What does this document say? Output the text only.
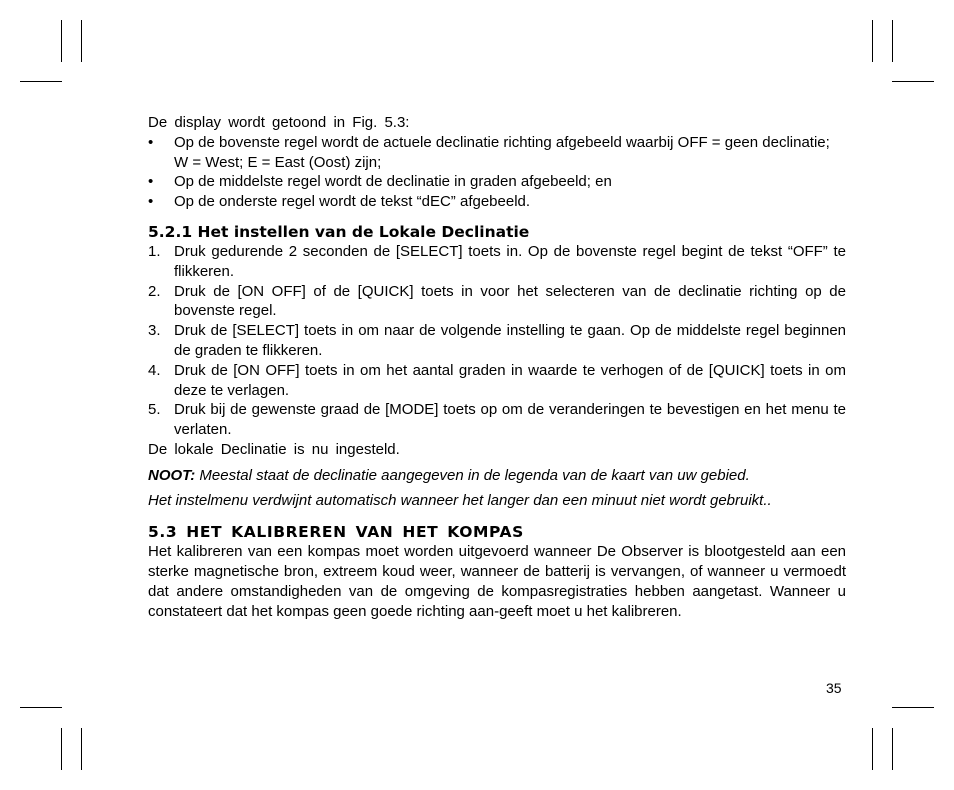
De display wordt getoond in Fig. 5.3:

• Op de bovenste regel wordt de actuele declinatie richting afgebeeld waarbij OFF = geen declinatie; W = West; E = East (Oost) zijn;
• Op de middelste regel wordt de declinatie in graden afgebeeld; en
• Op de onderste regel wordt de tekst “dEC” afgebeeld.
5.2.1 Het instellen van de Lokale Declinatie
1. Druk gedurende 2 seconden de [SELECT] toets in. Op de bovenste regel begint de tekst “OFF” te flikkeren.
2. Druk de [ON OFF] of de [QUICK] toets in voor het selecteren van de declinatie richting op de bovenste regel.
3. Druk de [SELECT] toets in om naar de volgende instelling te gaan. Op de middelste regel beginnen de graden te flikkeren.
4. Druk de [ON OFF] toets in om het aantal graden in waarde te verhogen of de [QUICK] toets in om deze te verlagen.
5. Druk bij de gewenste graad de [MODE] toets op om de veranderingen te bevestigen en het menu te verlaten.

De lokale Declinatie is nu ingesteld.

NOOT: Meestal staat de declinatie aangegeven in de legenda van de kaart van uw gebied.

Het instelmenu verdwijnt automatisch wanneer het langer dan een minuut niet wordt gebruikt..

5.3 HET KALIBREREN VAN HET KOMPAS

Het kalibreren van een kompas moet worden uitgevoerd wanneer De Observer is blootgesteld aan een sterke magnetische bron, extreem koud weer, wanneer de batterij is vervangen, of wanneer u vermoedt dat andere omstandigheden van de omgeving de kompasregistraties hebben aangetast. Wanneer u constateert dat het kompas geen goede richting aan-geeft moet u het kalibreren.

35
